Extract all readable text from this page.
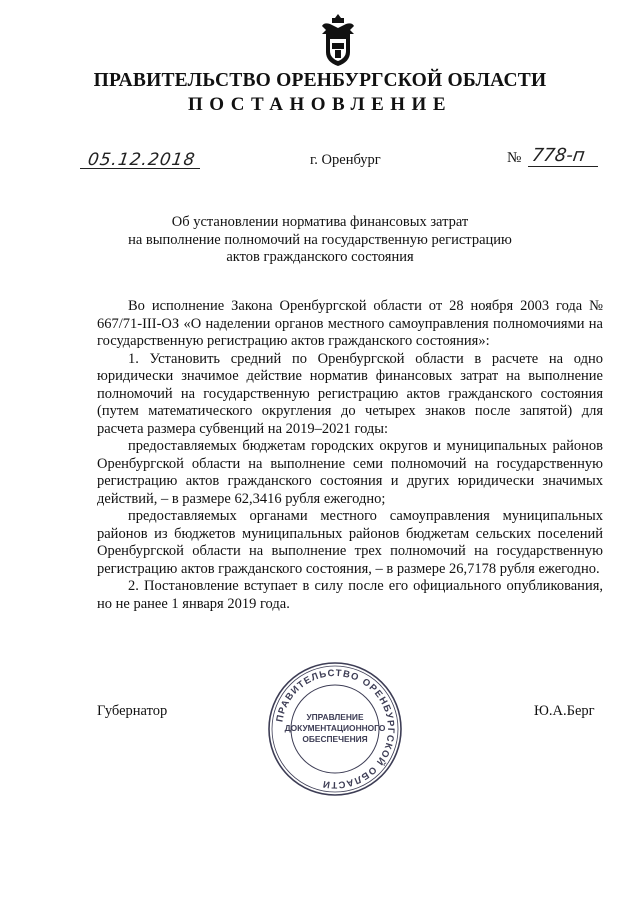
ПРАВИТЕЛЬСТВО ОРЕНБУРГСКОЙ ОБЛАСТИ
ПОСТАНОВЛЕНИЕ
05.12.2018	г. Оренбург	№ 778-п
Об установлении норматива финансовых затрат
на выполнение полномочий на государственную регистрацию
актов гражданского состояния

Во исполнение Закона Оренбургской области от 28 ноября 2003 года № 667/71-III-ОЗ «О наделении органов местного самоуправления полномочиями на государственную регистрацию актов гражданского состояния»:

1. Установить средний по Оренбургской области в расчете на одно юридически значимое действие норматив финансовых затрат на выполнение полномочий на государственную регистрацию актов гражданского состояния (путем математического округления до четырех знаков после запятой) для расчета размера субвенций на 2019–2021 годы:

предоставляемых бюджетам городских округов и муниципальных районов Оренбургской области на выполнение семи полномочий на государственную регистрацию актов гражданского состояния и других юридически значимых действий, – в размере 62,3416 рубля ежегодно;

предоставляемых органами местного самоуправления муниципальных районов из бюджетов муниципальных районов бюджетам сельских поселений Оренбургской области на выполнение трех полномочий на государственную регистрацию актов гражданского состояния, – в размере 26,7178 рубля ежегодно.

2. Постановление вступает в силу после его официального опубликования, но не ранее 1 января 2019 года.

Губернатор	Ю.А.Берг
ПРАВИТЕЛЬСТВО ОРЕНБУРГСКОЙ ОБЛАСТИ
УПРАВЛЕНИЕ
ДОКУМЕНТАЦИОННОГО
ОБЕСПЕЧЕНИЯ
